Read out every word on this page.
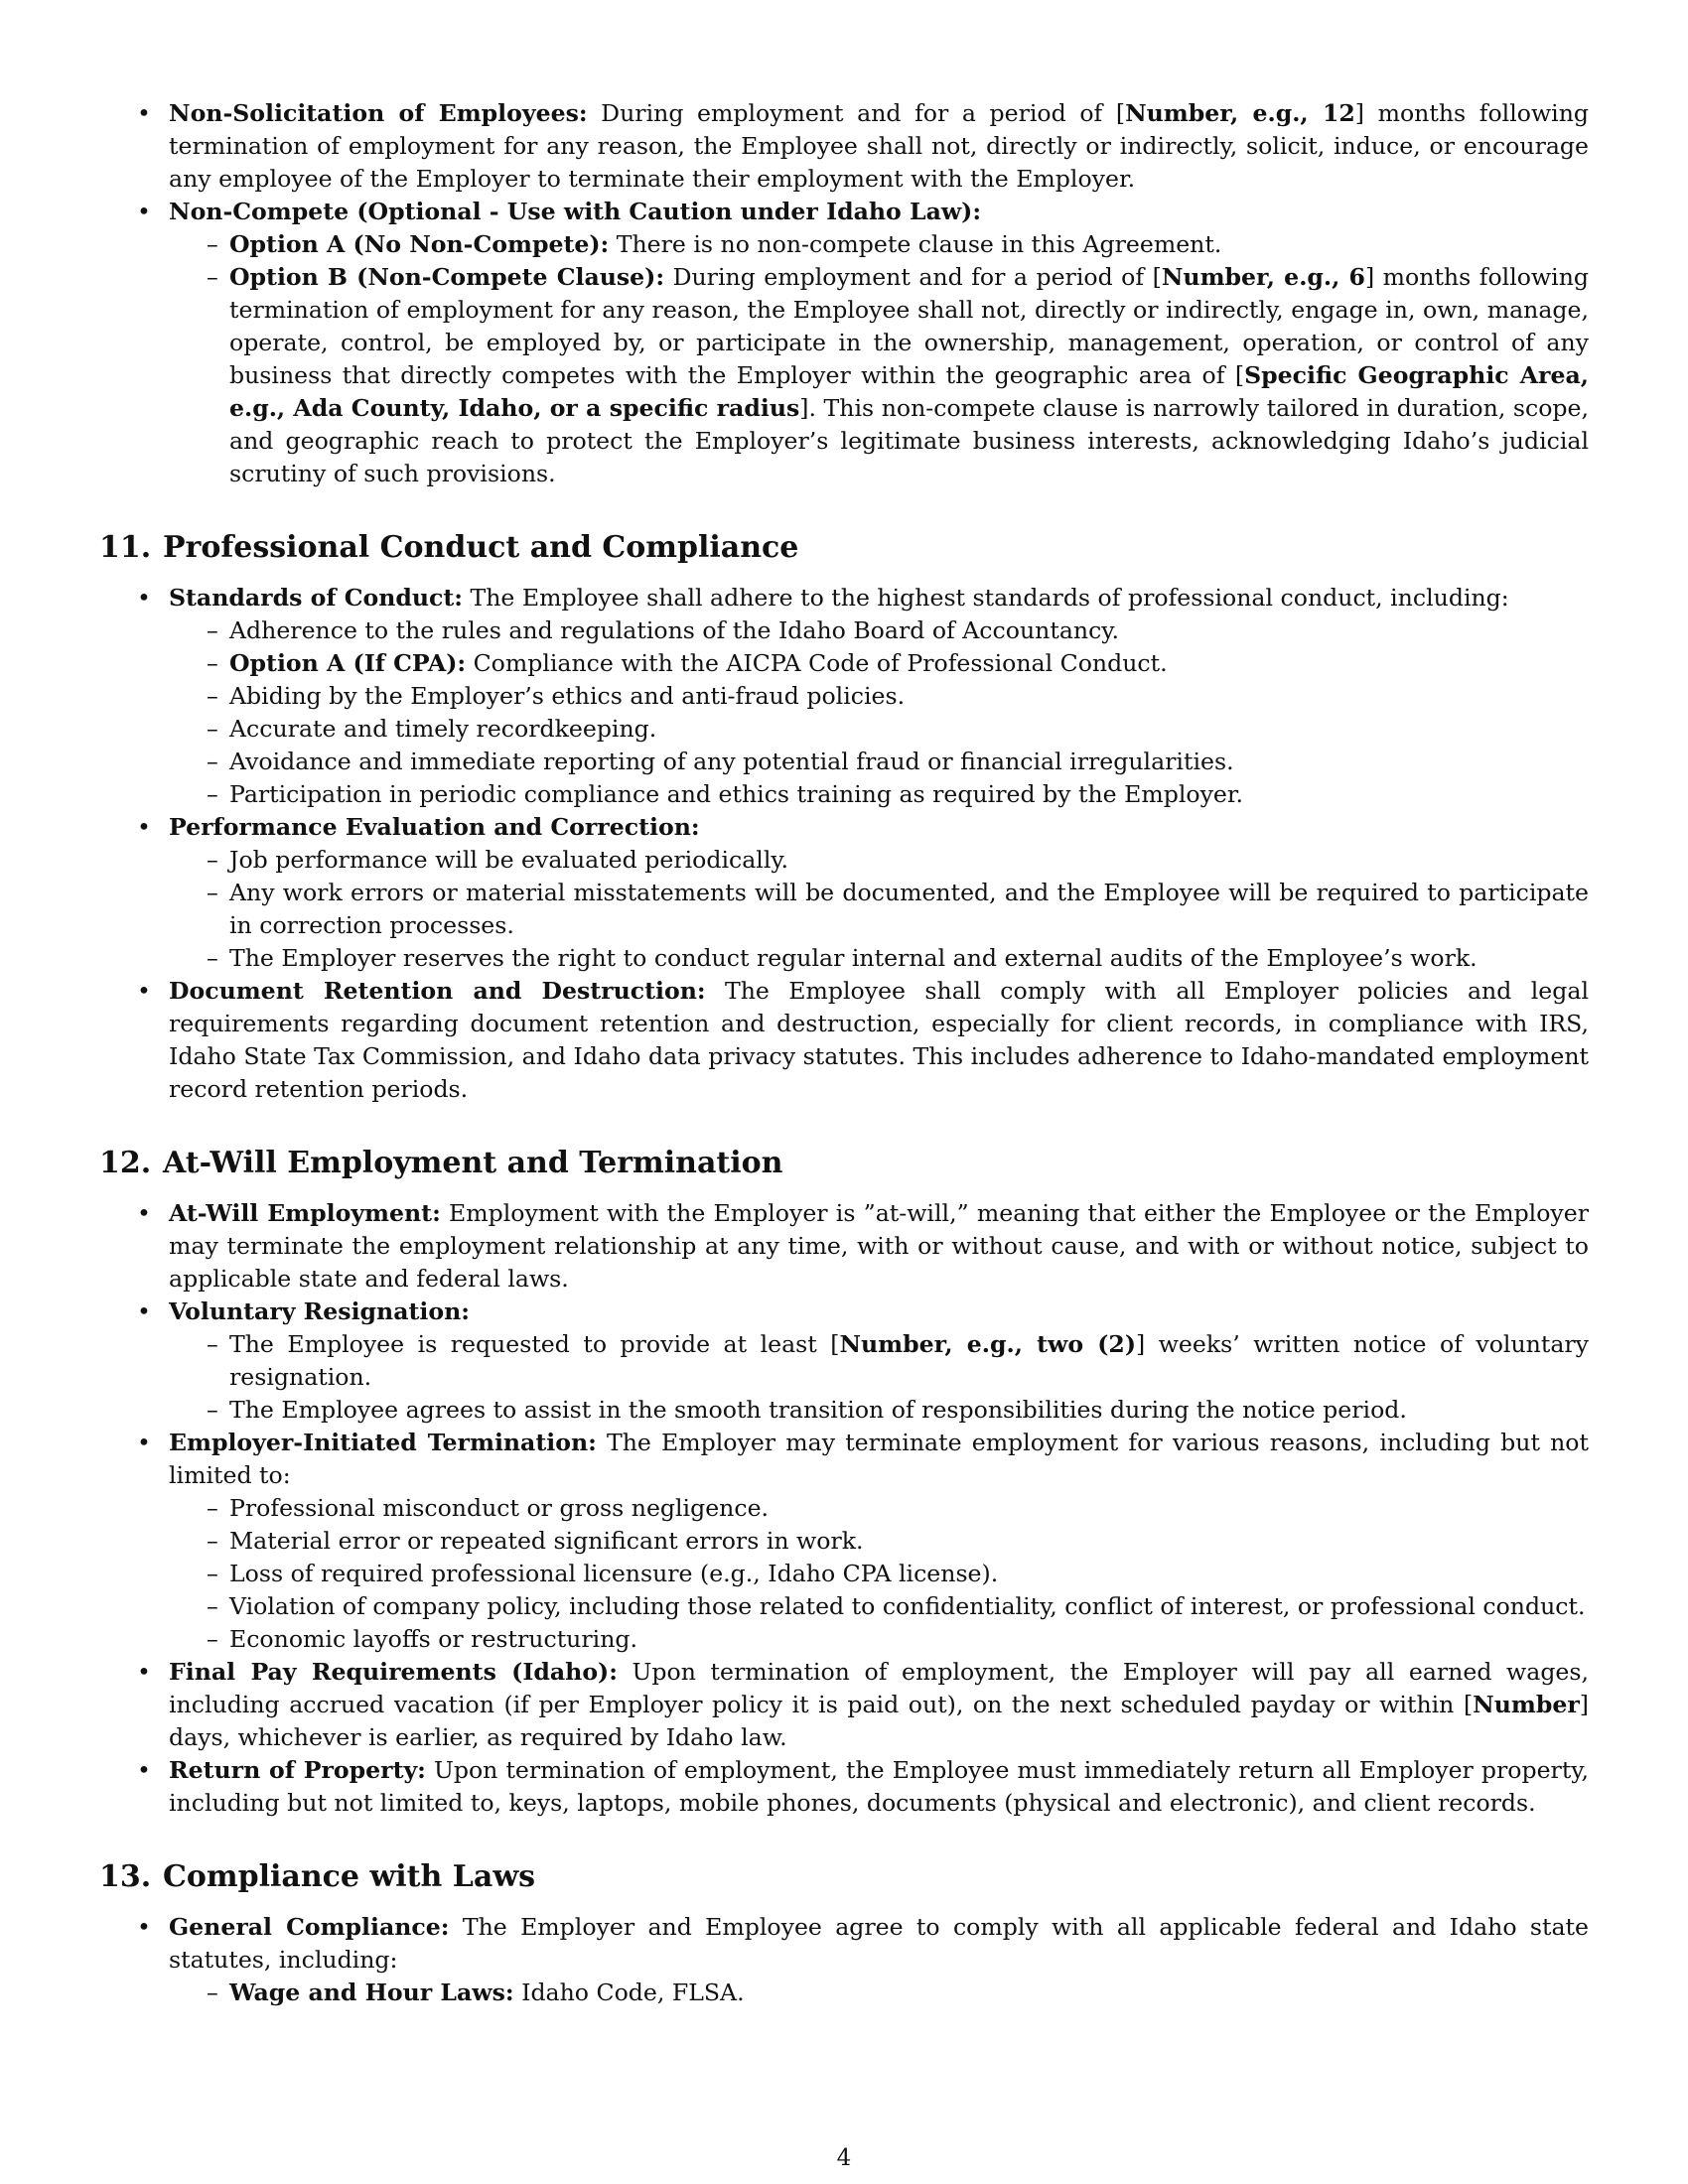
• Non-Solicitation of Employees: During employment and for a period of [Number, e.g., 12] months following termination of employment for any reason, the Employee shall not, directly or indirectly, solicit, induce, or encourage any employee of the Employer to terminate their employment with the Employer.
• Non-Compete (Optional - Use with Caution under Idaho Law):
– Option A (No Non-Compete): There is no non-compete clause in this Agreement.
– Option B (Non-Compete Clause): During employment and for a period of [Number, e.g., 6] months following termination of employment for any reason, the Employee shall not, directly or indirectly, engage in, own, manage, operate, control, be employed by, or participate in the ownership, management, operation, or control of any business that directly competes with the Employer within the geographic area of [Specific Geographic Area, e.g., Ada County, Idaho, or a specific radius]. This non-compete clause is narrowly tailored in duration, scope, and geographic reach to protect the Employer’s legitimate business interests, acknowledging Idaho’s judicial scrutiny of such provisions.
11. Professional Conduct and Compliance
• Standards of Conduct: The Employee shall adhere to the highest standards of professional conduct, including:
– Adherence to the rules and regulations of the Idaho Board of Accountancy.
– Option A (If CPA): Compliance with the AICPA Code of Professional Conduct.
– Abiding by the Employer’s ethics and anti-fraud policies.
– Accurate and timely recordkeeping.
– Avoidance and immediate reporting of any potential fraud or financial irregularities.
– Participation in periodic compliance and ethics training as required by the Employer.
• Performance Evaluation and Correction:
– Job performance will be evaluated periodically.
– Any work errors or material misstatements will be documented, and the Employee will be required to participate in correction processes.
– The Employer reserves the right to conduct regular internal and external audits of the Employee’s work.
• Document Retention and Destruction: The Employee shall comply with all Employer policies and legal requirements regarding document retention and destruction, especially for client records, in compliance with IRS, Idaho State Tax Commission, and Idaho data privacy statutes. This includes adherence to Idaho-mandated employment record retention periods.
12. At-Will Employment and Termination
• At-Will Employment: Employment with the Employer is ”at-will,” meaning that either the Employee or the Employer may terminate the employment relationship at any time, with or without cause, and with or without notice, subject to applicable state and federal laws.
• Voluntary Resignation:
– The Employee is requested to provide at least [Number, e.g., two (2)] weeks’ written notice of voluntary resignation.
– The Employee agrees to assist in the smooth transition of responsibilities during the notice period.
• Employer-Initiated Termination: The Employer may terminate employment for various reasons, including but not limited to:
– Professional misconduct or gross negligence.
– Material error or repeated significant errors in work.
– Loss of required professional licensure (e.g., Idaho CPA license).
– Violation of company policy, including those related to confidentiality, conflict of interest, or professional conduct.
– Economic layoffs or restructuring.
• Final Pay Requirements (Idaho): Upon termination of employment, the Employer will pay all earned wages, including accrued vacation (if per Employer policy it is paid out), on the next scheduled payday or within [Number] days, whichever is earlier, as required by Idaho law.
• Return of Property: Upon termination of employment, the Employee must immediately return all Employer property, including but not limited to, keys, laptops, mobile phones, documents (physical and electronic), and client records.
13. Compliance with Laws
• General Compliance: The Employer and Employee agree to comply with all applicable federal and Idaho state statutes, including:
– Wage and Hour Laws: Idaho Code, FLSA.
4
